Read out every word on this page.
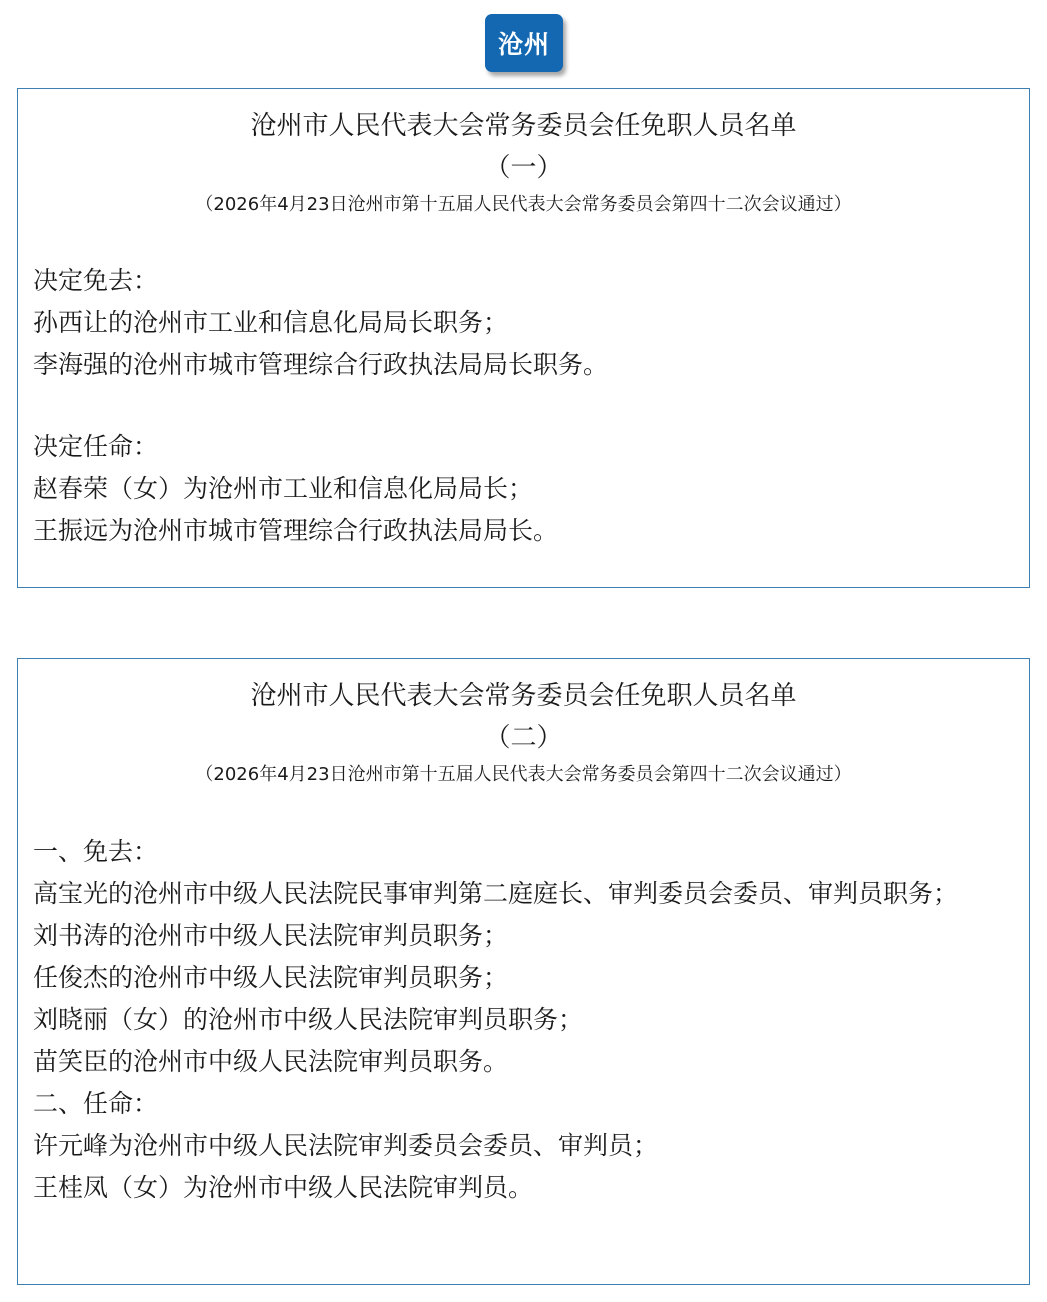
沧州
沧州市人民代表大会常务委员会任免职人员名单
（一）
（2026年4月23日沧州市第十五届人民代表大会常务委员会第四十二次会议通过）

决定免去：

孙西让的沧州市工业和信息化局局长职务；

李海强的沧州市城市管理综合行政执法局局长职务。

决定任命：

赵春荣（女）为沧州市工业和信息化局局长；

王振远为沧州市城市管理综合行政执法局局长。

沧州市人民代表大会常务委员会任免职人员名单
（二）
（2026年4月23日沧州市第十五届人民代表大会常务委员会第四十二次会议通过）

一、免去：

高宝光的沧州市中级人民法院民事审判第二庭庭长、审判委员会委员、审判员职务；

刘书涛的沧州市中级人民法院审判员职务；

任俊杰的沧州市中级人民法院审判员职务；

刘晓丽（女）的沧州市中级人民法院审判员职务；

苗笑臣的沧州市中级人民法院审判员职务。

二、任命：

许元峰为沧州市中级人民法院审判委员会委员、审判员；

王桂凤（女）为沧州市中级人民法院审判员。
